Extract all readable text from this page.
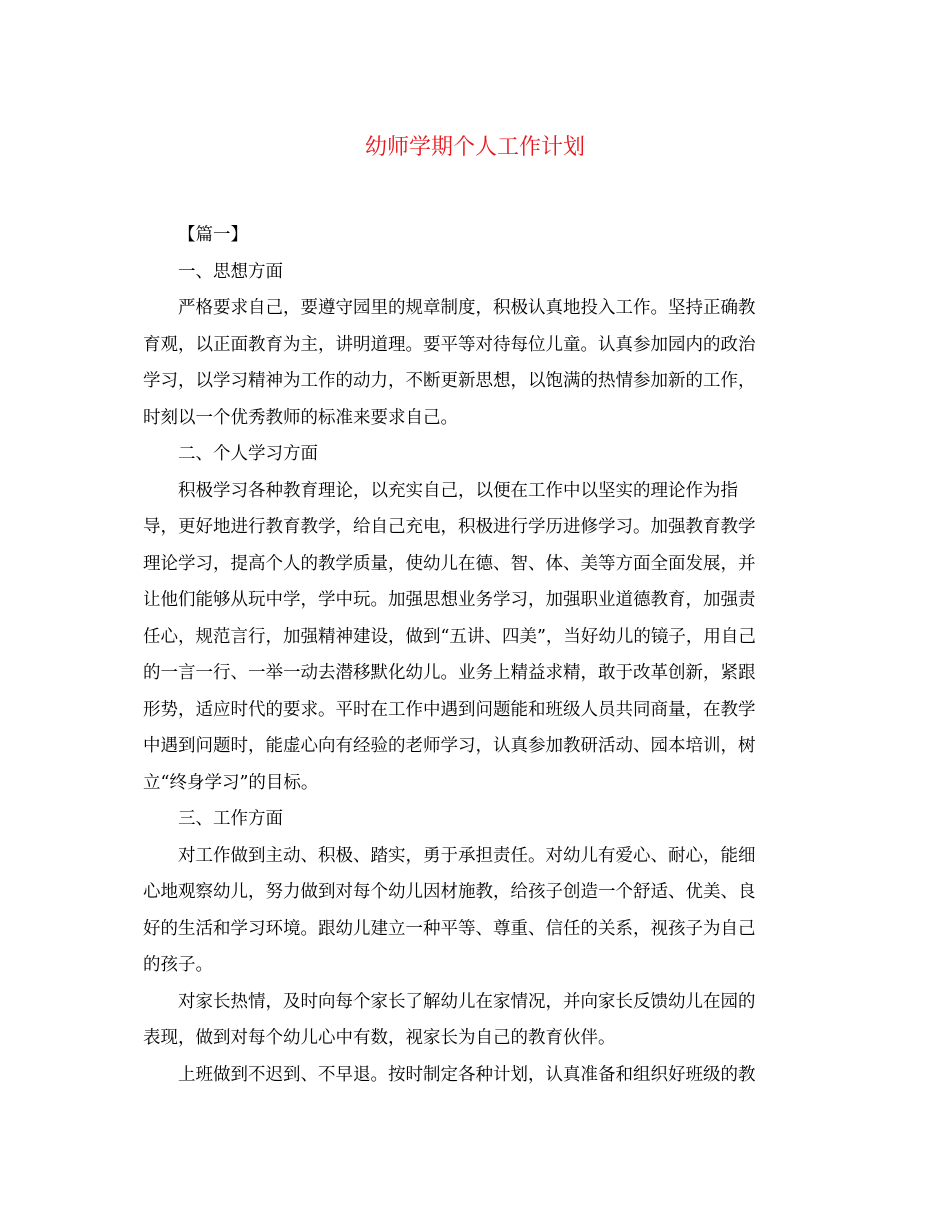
幼师学期个人工作计划

【篇一】

一、思想方面

严格要求自己，要遵守园里的规章制度，积极认真地投入工作。坚持正确教

育观，以正面教育为主，讲明道理。要平等对待每位儿童。认真参加园内的政治

学习，以学习精神为工作的动力，不断更新思想，以饱满的热情参加新的工作，

时刻以一个优秀教师的标准来要求自己。

二、个人学习方面

积极学习各种教育理论，以充实自己，以便在工作中以坚实的理论作为指

导，更好地进行教育教学，给自己充电，积极进行学历进修学习。加强教育教学

理论学习，提高个人的教学质量，使幼儿在德、智、体、美等方面全面发展，并

让他们能够从玩中学，学中玩。加强思想业务学习，加强职业道德教育，加强责

任心，规范言行，加强精神建设，做到“五讲、四美”，当好幼儿的镜子，用自己

的一言一行、一举一动去潜移默化幼儿。业务上精益求精，敢于改革创新，紧跟

形势，适应时代的要求。平时在工作中遇到问题能和班级人员共同商量，在教学

中遇到问题时，能虚心向有经验的老师学习，认真参加教研活动、园本培训，树

立“终身学习”的目标。

三、工作方面

对工作做到主动、积极、踏实，勇于承担责任。对幼儿有爱心、耐心，能细

心地观察幼儿，努力做到对每个幼儿因材施教，给孩子创造一个舒适、优美、良

好的生活和学习环境。跟幼儿建立一种平等、尊重、信任的关系，视孩子为自己

的孩子。

对家长热情，及时向每个家长了解幼儿在家情况，并向家长反馈幼儿在园的

表现，做到对每个幼儿心中有数，视家长为自己的教育伙伴。

上班做到不迟到、不早退。按时制定各种计划，认真准备和组织好班级的教
